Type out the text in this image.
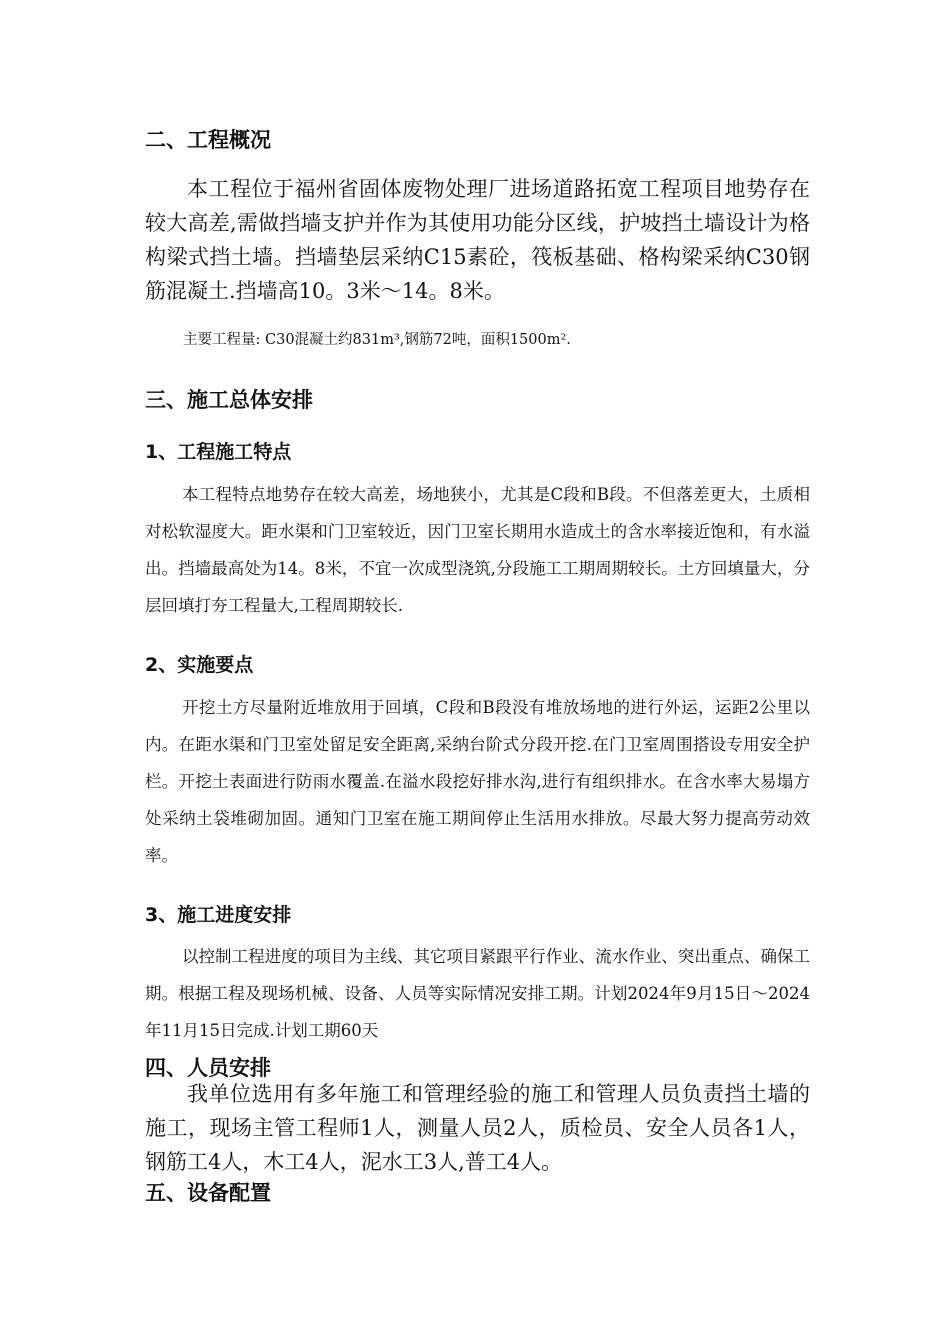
二、工程概况

本工程位于福州省固体废物处理厂进场道路拓宽工程项目地势存在较大高差,需做挡墙支护并作为其使用功能分区线，护坡挡土墙设计为格构梁式挡土墙。挡墙垫层采纳C15素砼，筏板基础、格构梁采纳C30钢筋混凝土.挡墙高10。3米～14。8米。

主要工程量: C30混凝土约831m³,钢筋72吨，面积1500m².

三、施工总体安排
1、工程施工特点

本工程特点地势存在较大高差，场地狭小，尤其是C段和B段。不但落差更大，土质相对松软湿度大。距水渠和门卫室较近，因门卫室长期用水造成土的含水率接近饱和，有水溢出。挡墙最高处为14。8米，不宜一次成型浇筑,分段施工工期周期较长。土方回填量大，分层回填打夯工程量大,工程周期较长.

2、实施要点

开挖土方尽量附近堆放用于回填，C段和B段没有堆放场地的进行外运，运距2公里以内。在距水渠和门卫室处留足安全距离,采纳台阶式分段开挖.在门卫室周围搭设专用安全护栏。开挖土表面进行防雨水覆盖.在溢水段挖好排水沟,进行有组织排水。在含水率大易塌方处采纳土袋堆砌加固。通知门卫室在施工期间停止生活用水排放。尽最大努力提高劳动效率。

3、施工进度安排

以控制工程进度的项目为主线、其它项目紧跟平行作业、流水作业、突出重点、确保工期。根据工程及现场机械、设备、人员等实际情况安排工期。计划2024年9月15日～2024年11月15日完成.计划工期60天

四、人员安排

我单位选用有多年施工和管理经验的施工和管理人员负责挡土墙的施工，现场主管工程师1人，测量人员2人，质检员、安全人员各1人，钢筋工4人，木工4人，泥水工3人,普工4人。

五、设备配置
